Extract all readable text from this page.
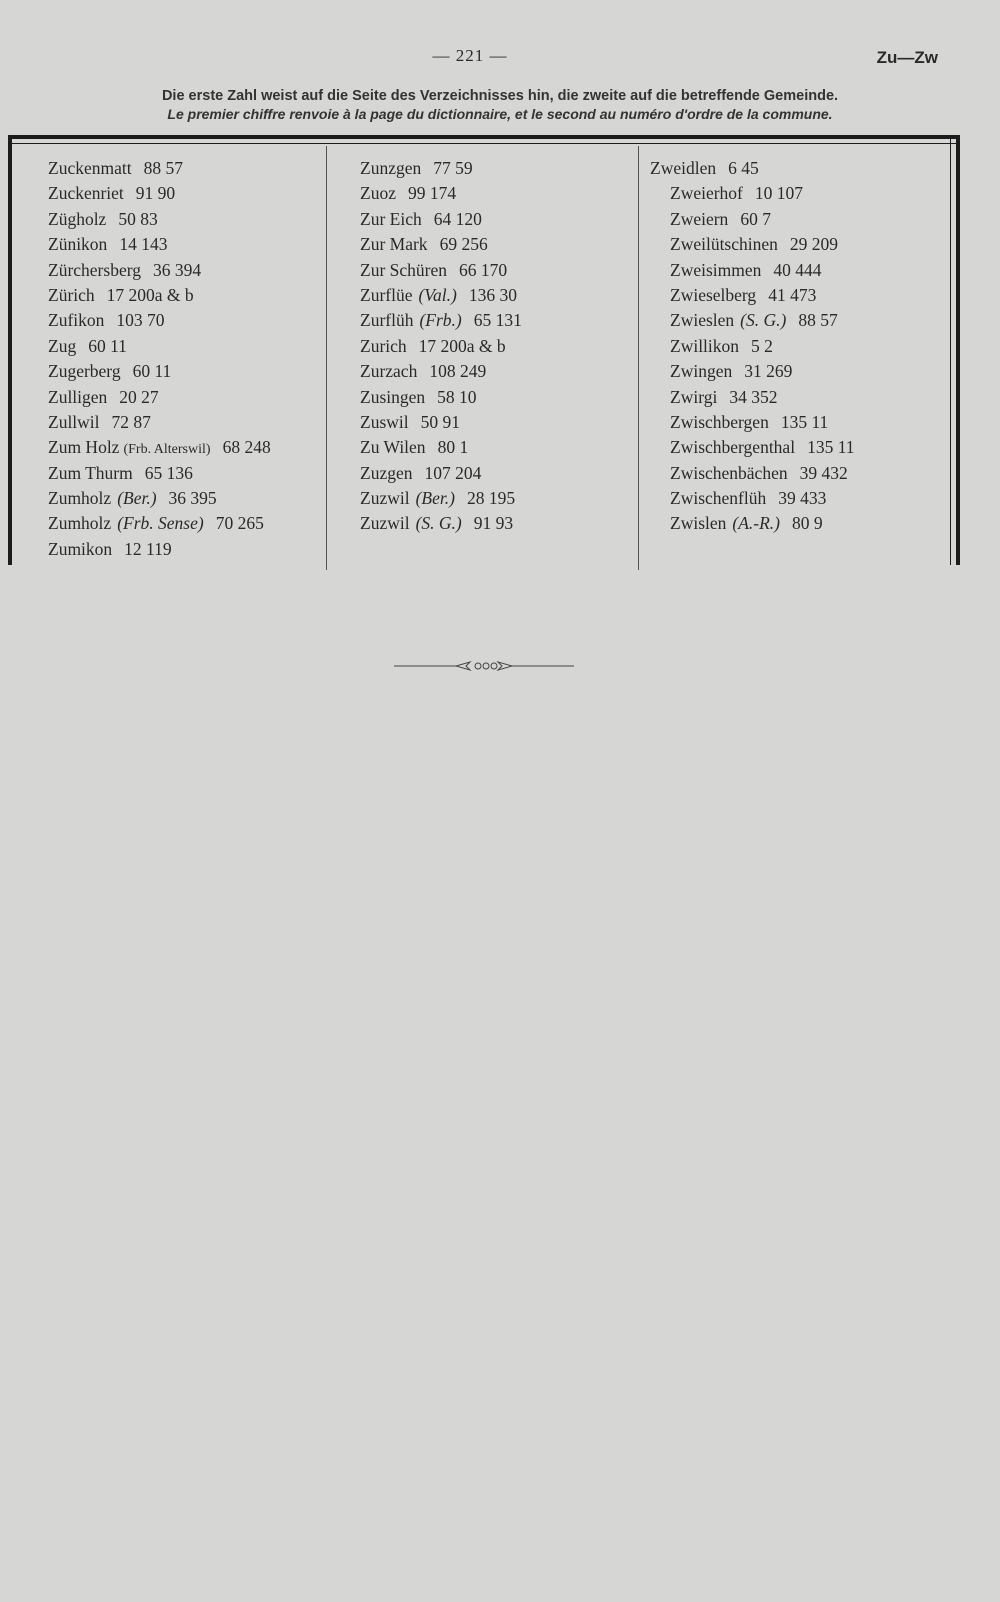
— 221 —	Zu—Zw
Die erste Zahl weist auf die Seite des Verzeichnisses hin, die zweite auf die betreffende Gemeinde.
Le premier chiffre renvoie à la page du dictionnaire, et le second au numéro d'ordre de la commune.
Zuckenmatt 88 57
Zuckenriet 91 90
Zügholz 50 83
Zünikon 14 143
Zürchersberg 36 394
Zürich 17 200a & b
Zufikon 103 70
Zug 60 11
Zugerberg 60 11
Zulligen 20 27
Zullwil 72 87
Zum Holz (Frb. Alterswil) 68 248
Zum Thurm 65 136
Zumholz (Ber.) 36 395
Zumholz (Frb. Sense) 70 265
Zumikon 12 119
Zunzgen 77 59
Zuoz 99 174
Zur Eich 64 120
Zur Mark 69 256
Zur Schüren 66 170
Zurflüe (Val.) 136 30
Zurflüh (Frb.) 65 131
Zurich 17 200a & b
Zurzach 108 249
Zusingen 58 10
Zuswil 50 91
Zu Wilen 80 1
Zuzgen 107 204
Zuzwil (Ber.) 28 195
Zuzwil (S. G.) 91 93
Zweidlen 6 45
Zweierhof 10 107
Zweiern 60 7
Zweilütschinen 29 209
Zweisimmen 40 444
Zwieselberg 41 473
Zwieslen (S. G.) 88 57
Zwillikon 5 2
Zwingen 31 269
Zwirgi 34 352
Zwischbergen 135 11
Zwischbergenthal 135 11
Zwischenbächen 39 432
Zwischenflüh 39 433
Zwislen (A.-R.) 80 9
